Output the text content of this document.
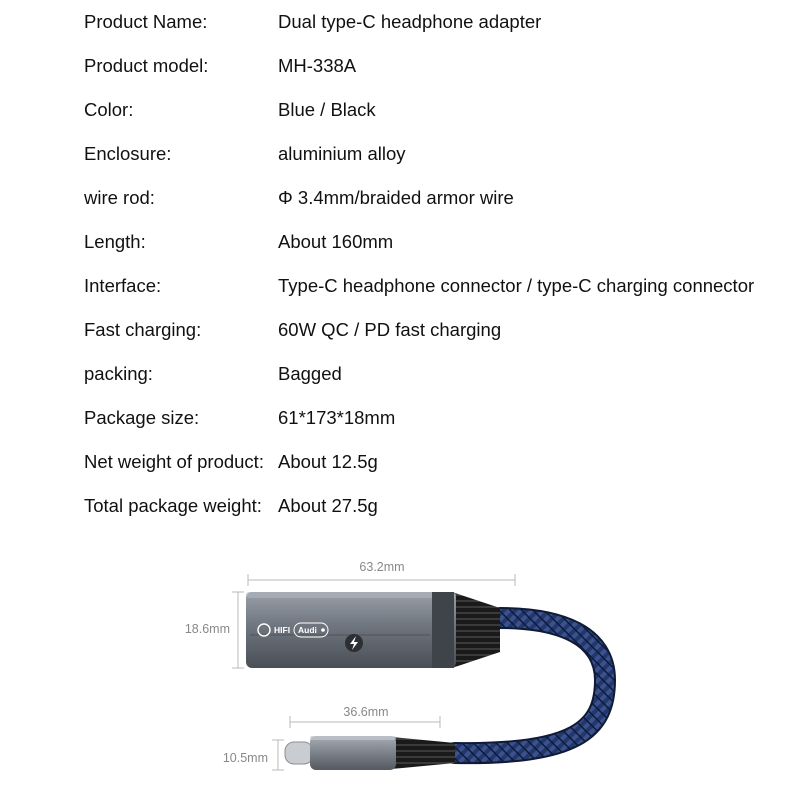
Product Name:	Dual type-C headphone adapter
Product model:	MH-338A
Color:	Blue / Black
Enclosure:	aluminium alloy
wire rod:	Φ 3.4mm/braided armor wire
Length:	About 160mm
Interface:	Type-C headphone connector / type-C charging connector
Fast charging:	60W QC / PD fast charging
packing:	Bagged
Package size:	61*173*18mm
Net weight of product: About 12.5g
Total package weight: About 27.5g
63.2mm
18.6mm	HIFI Audi
36.6mm
10.5mm
